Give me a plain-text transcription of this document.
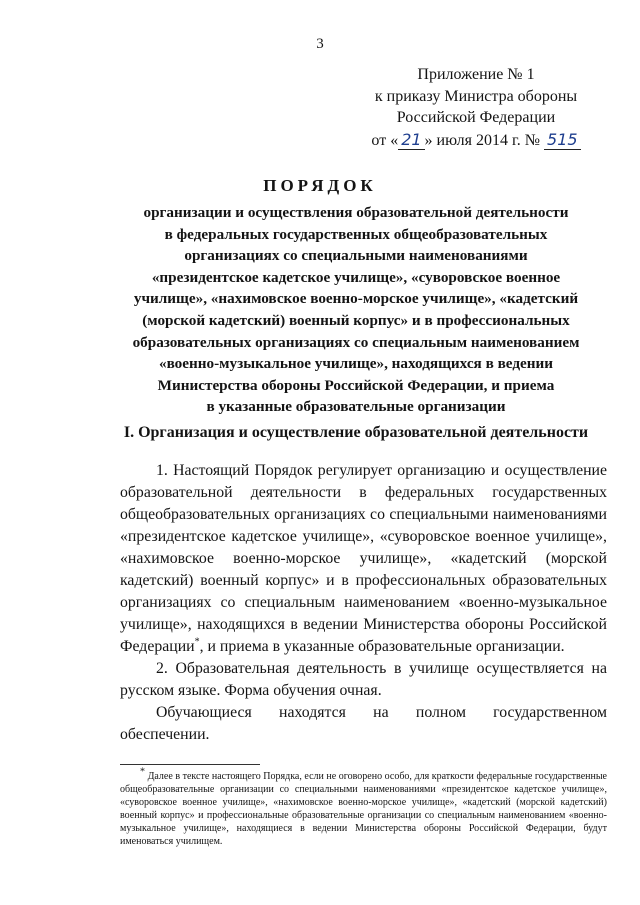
3
Приложение № 1
к приказу Министра обороны
Российской Федерации
от « 21 » июля 2014 г. № 515
ПОРЯДОК
организации и осуществления образовательной деятельности
в федеральных государственных общеобразовательных
организациях со специальными наименованиями
«президентское кадетское училище», «суворовское военное
училище», «нахимовское военно-морское училище», «кадетский
(морской кадетский) военный корпус» и в профессиональных
образовательных организациях со специальным наименованием
«военно-музыкальное училище», находящихся в ведении
Министерства обороны Российской Федерации, и приема
в указанные образовательные организации
I. Организация и осуществление образовательной деятельности

1. Настоящий Порядок регулирует организацию и осуществление образовательной деятельности в федеральных государственных общеобразовательных организациях со специальными наименованиями «президентское кадетское училище», «суворовское военное училище», «нахимовское военно-морское училище», «кадетский (морской кадетский) военный корпус» и в профессиональных образовательных организациях со специальным наименованием «военно-музыкальное училище», находящихся в ведении Министерства обороны Российской Федерации*, и приема в указанные образовательные организации.

2. Образовательная деятельность в училище осуществляется на русском языке. Форма обучения очная.

Обучающиеся находятся на полном государственном обеспечении.

* Далее в тексте настоящего Порядка, если не оговорено особо, для краткости федеральные государственные общеобразовательные организации со специальными наименованиями «президентское кадетское училище», «суворовское военное училище», «нахимовское военно-морское училище», «кадетский (морской кадетский) военный корпус» и профессиональные образовательные организации со специальным наименованием «военно-музыкальное училище», находящиеся в ведении Министерства обороны Российской Федерации, будут именоваться училищем.
